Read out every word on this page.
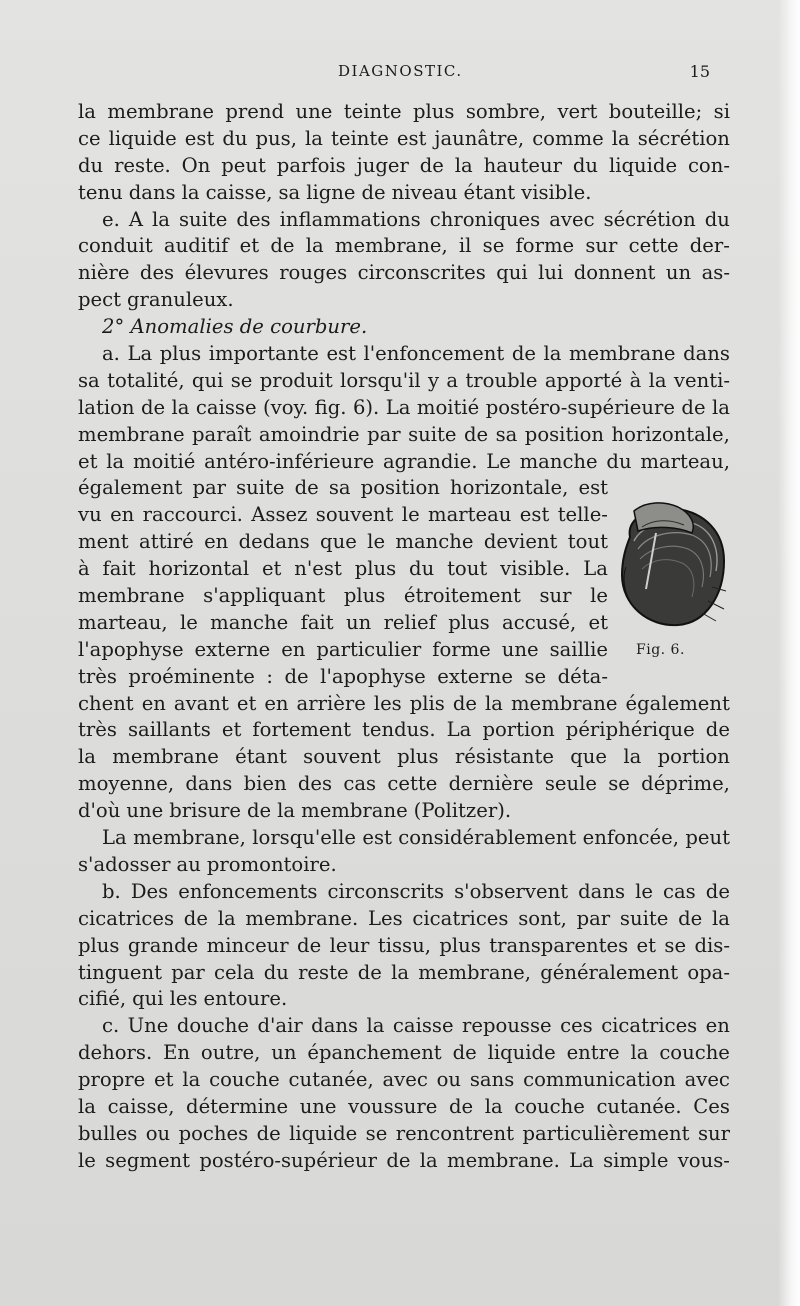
DIAGNOSTIC.	15
la membrane prend une teinte plus sombre, vert bouteille; si
ce liquide est du pus, la teinte est jaunâtre, comme la sécrétion
du reste. On peut parfois juger de la hauteur du liquide con-
tenu dans la caisse, sa ligne de niveau étant visible.
e. A la suite des inflammations chroniques avec sécrétion du
conduit auditif et de la membrane, il se forme sur cette der-
nière des élevures rouges circonscrites qui lui donnent un as-
pect granuleux.
2° Anomalies de courbure.
a. La plus importante est l'enfoncement de la membrane dans
sa totalité, qui se produit lorsqu'il y a trouble apporté à la venti-
lation de la caisse (voy. fig. 6). La moitié postéro-supérieure de la
membrane paraît amoindrie par suite de sa position horizontale,
et la moitié antéro-inférieure agrandie. Le manche du marteau,
également par suite de sa position horizontale, est
vu en raccourci. Assez souvent le marteau est telle-
ment attiré en dedans que le manche devient tout
à fait horizontal et n'est plus du tout visible. La
membrane s'appliquant plus étroitement sur le
marteau, le manche fait un relief plus accusé, et
l'apophyse externe en particulier forme une saillie
très proéminente : de l'apophyse externe se déta-
chent en avant et en arrière les plis de la membrane également
très saillants et fortement tendus. La portion périphérique de
la membrane étant souvent plus résistante que la portion
moyenne, dans bien des cas cette dernière seule se déprime,
d'où une brisure de la membrane (Politzer).
La membrane, lorsqu'elle est considérablement enfoncée, peut
s'adosser au promontoire.
b. Des enfoncements circonscrits s'observent dans le cas de
cicatrices de la membrane. Les cicatrices sont, par suite de la
plus grande minceur de leur tissu, plus transparentes et se dis-
tinguent par cela du reste de la membrane, généralement opa-
cifié, qui les entoure.
c. Une douche d'air dans la caisse repousse ces cicatrices en
dehors. En outre, un épanchement de liquide entre la couche
propre et la couche cutanée, avec ou sans communication avec
la caisse, détermine une voussure de la couche cutanée. Ces
bulles ou poches de liquide se rencontrent particulièrement sur
le segment postéro-supérieur de la membrane. La simple vous-
Fig. 6.
